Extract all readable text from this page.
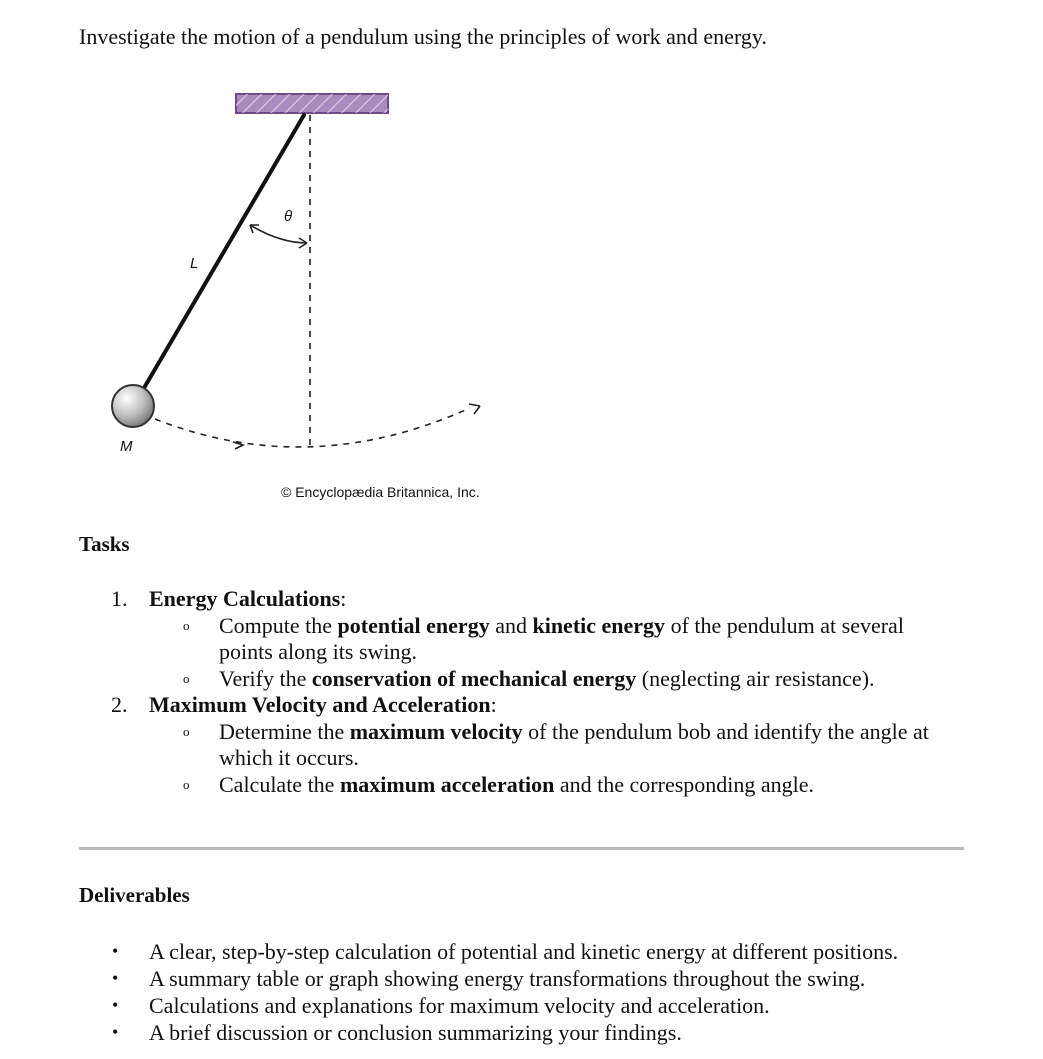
Investigate the motion of a pendulum using the principles of work and energy.

θ
L
M
© Encyclopædia Britannica, Inc.
Tasks
1. Energy Calculations:
o Compute the potential energy and kinetic energy of the pendulum at several points along its swing.
o Verify the conservation of mechanical energy (neglecting air resistance).
2. Maximum Velocity and Acceleration:
o Determine the maximum velocity of the pendulum bob and identify the angle at which it occurs.
o Calculate the maximum acceleration and the corresponding angle.
Deliverables
• A clear, step-by-step calculation of potential and kinetic energy at different positions.
• A summary table or graph showing energy transformations throughout the swing.
• Calculations and explanations for maximum velocity and acceleration.
• A brief discussion or conclusion summarizing your findings.
